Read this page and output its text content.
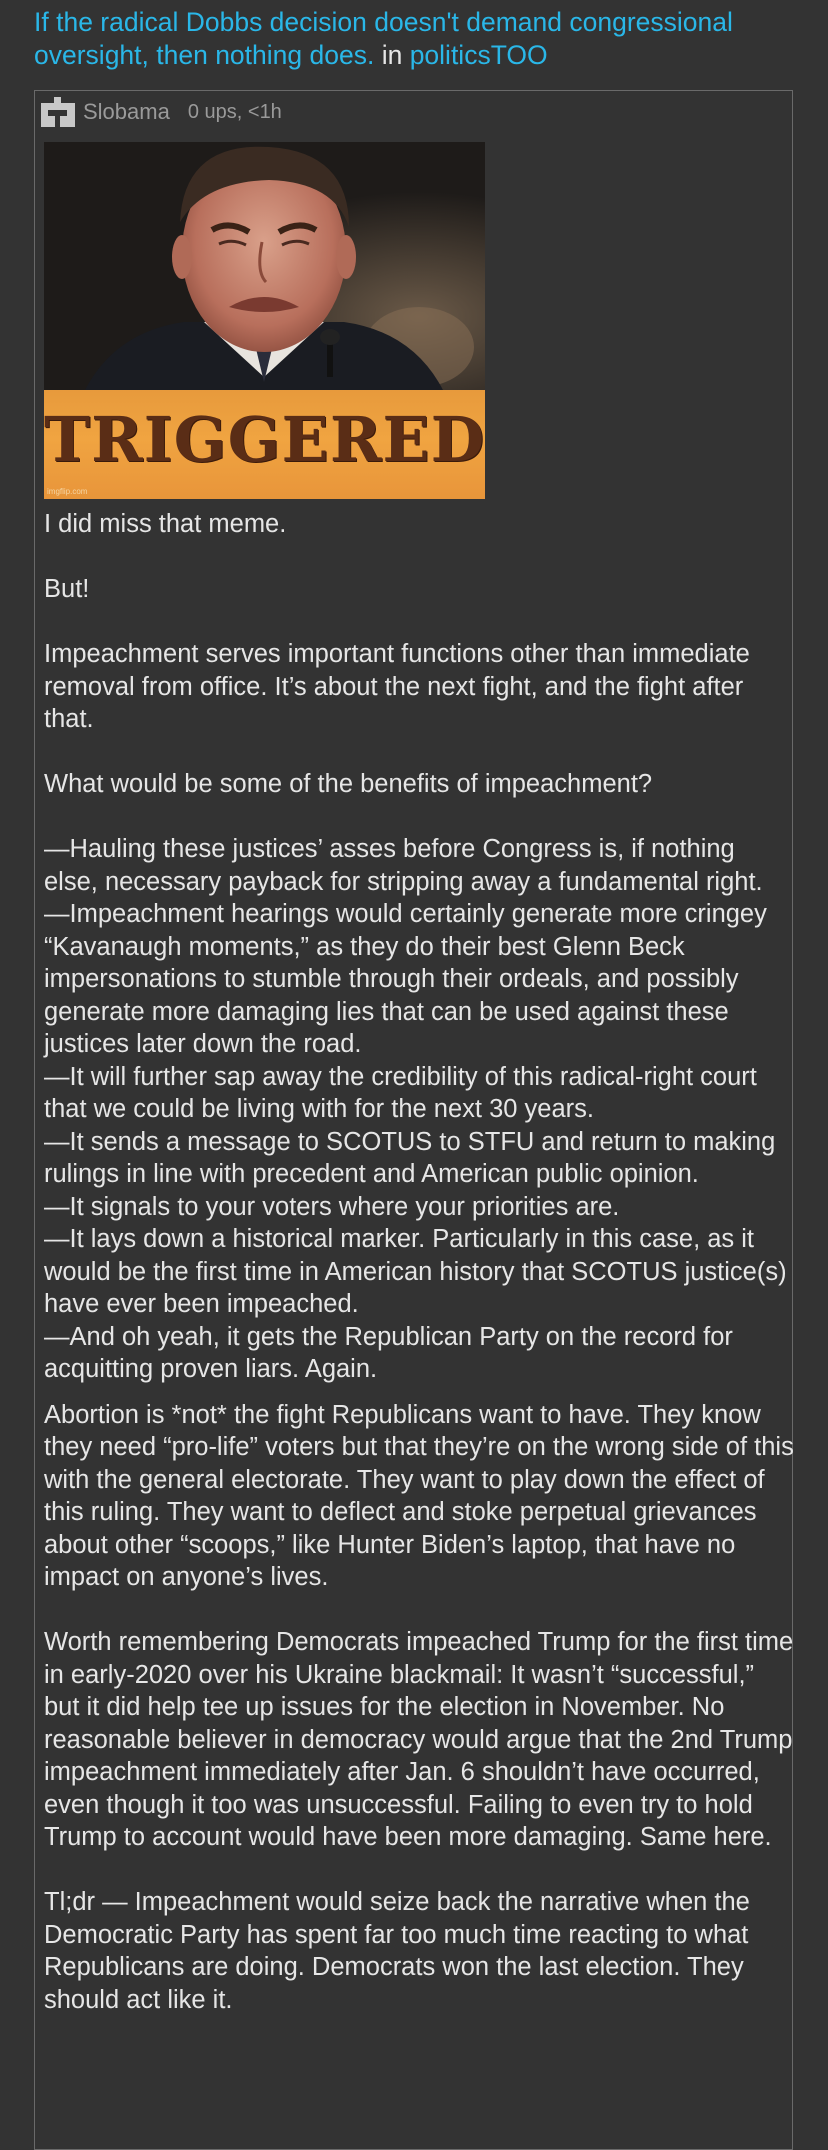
If the radical Dobbs decision doesn't demand congressional oversight, then nothing does. in politicsTOO
Slobama 0 ups, <1h
TRIGGERED
imgflip.com

I did miss that meme.

But!

Impeachment serves important functions other than immediate removal from office. It’s about the next fight, and the fight after that.

What would be some of the benefits of impeachment?

—Hauling these justices’ asses before Congress is, if nothing else, necessary payback for stripping away a fundamental right.
—Impeachment hearings would certainly generate more cringey “Kavanaugh moments,” as they do their best Glenn Beck impersonations to stumble through their ordeals, and possibly generate more damaging lies that can be used against these justices later down the road.
—It will further sap away the credibility of this radical-right court that we could be living with for the next 30 years.
—It sends a message to SCOTUS to STFU and return to making rulings in line with precedent and American public opinion.
—It signals to your voters where your priorities are.
—It lays down a historical marker. Particularly in this case, as it would be the first time in American history that SCOTUS justice(s) have ever been impeached.
—And oh yeah, it gets the Republican Party on the record for acquitting proven liars. Again.

Abortion is *not* the fight Republicans want to have. They know they need “pro-life” voters but that they’re on the wrong side of this with the general electorate. They want to play down the effect of this ruling. They want to deflect and stoke perpetual grievances about other “scoops,” like Hunter Biden’s laptop, that have no impact on anyone’s lives.

Worth remembering Democrats impeached Trump for the first time in early-2020 over his Ukraine blackmail: It wasn’t “successful,” but it did help tee up issues for the election in November. No reasonable believer in democracy would argue that the 2nd Trump impeachment immediately after Jan. 6 shouldn’t have occurred, even though it too was unsuccessful. Failing to even try to hold Trump to account would have been more damaging. Same here.

Tl;dr — Impeachment would seize back the narrative when the Democratic Party has spent far too much time reacting to what Republicans are doing. Democrats won the last election. They should act like it.
